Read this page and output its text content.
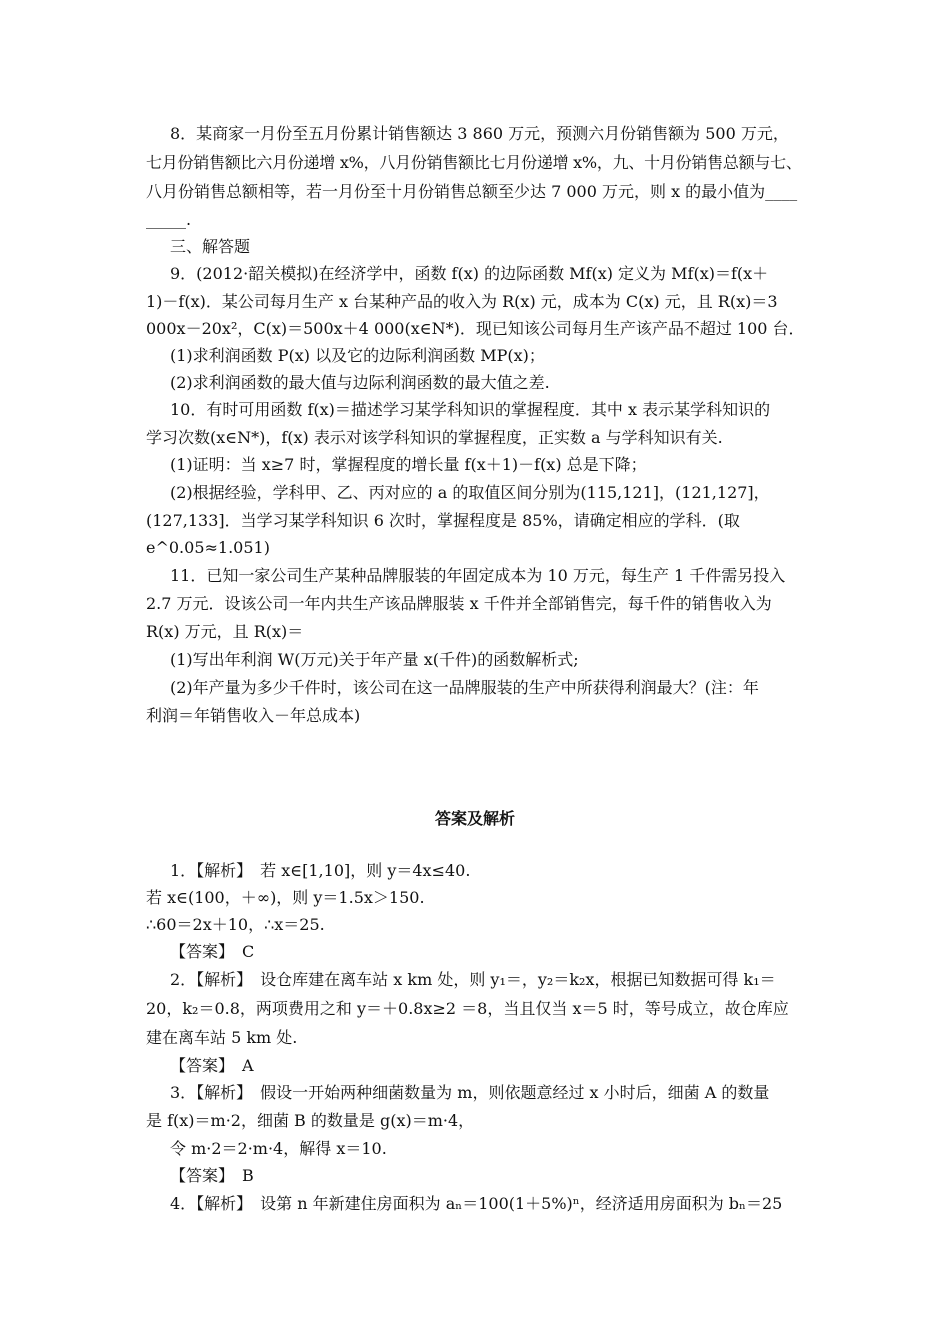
8．某商家一月份至五月份累计销售额达 3 860 万元，预测六月份销售额为 500 万元，
七月份销售额比六月份递增 x%，八月份销售额比七月份递增 x%，九、十月份销售总额与七、
八月份销售总额相等，若一月份至十月份销售总额至少达 7 000 万元，则 x 的最小值为____
_____.
三、解答题
9．(2012·韶关模拟)在经济学中，函数 f(x) 的边际函数 Mf(x) 定义为 Mf(x)＝f(x＋
1)－f(x)．某公司每月生产 x 台某种产品的收入为 R(x) 元，成本为 C(x) 元，且 R(x)＝3
000x－20x²，C(x)＝500x＋4 000(x∈N*)．现已知该公司每月生产该产品不超过 100 台．
(1)求利润函数 P(x) 以及它的边际利润函数 MP(x)；
(2)求利润函数的最大值与边际利润函数的最大值之差.
10．有时可用函数 f(x)＝描述学习某学科知识的掌握程度．其中 x 表示某学科知识的
学习次数(x∈N*)，f(x) 表示对该学科知识的掌握程度，正实数 a 与学科知识有关.
(1)证明：当 x≥7 时，掌握程度的增长量 f(x＋1)－f(x) 总是下降；
(2)根据经验，学科甲、乙、丙对应的 a 的取值区间分别为(115,121]，(121,127]，
(127,133]．当学习某学科知识 6 次时，掌握程度是 85%，请确定相应的学科．(取
e^0.05≈1.051)
11．已知一家公司生产某种品牌服装的年固定成本为 10 万元，每生产 1 千件需另投入
2.7 万元．设该公司一年内共生产该品牌服装 x 千件并全部销售完，每千件的销售收入为
R(x) 万元，且 R(x)＝
(1)写出年利润 W(万元)关于年产量 x(千件)的函数解析式;
(2)年产量为多少千件时，该公司在这一品牌服装的生产中所获得利润最大？(注：年
利润＝年销售收入－年总成本)
答案及解析
1．【解析】　若 x∈[1,10]，则 y＝4x≤40.
若 x∈(100，＋∞)，则 y＝1.5x＞150.
∴60＝2x＋10，∴x＝25.
【答案】　C
2．【解析】　设仓库建在离车站 x km 处，则 y₁＝，y₂＝k₂x，根据已知数据可得 k₁＝
20，k₂＝0.8，两项费用之和 y＝＋0.8x≥2 ＝8，当且仅当 x＝5 时，等号成立，故仓库应
建在离车站 5 km 处.
【答案】　A
3．【解析】　假设一开始两种细菌数量为 m，则依题意经过 x 小时后，细菌 A 的数量
是 f(x)＝m·2，细菌 B 的数量是 g(x)＝m·4，
令 m·2＝2·m·4，解得 x＝10.
【答案】　B
4．【解析】　设第 n 年新建住房面积为 aₙ＝100(1＋5%)ⁿ，经济适用房面积为 bₙ＝25
